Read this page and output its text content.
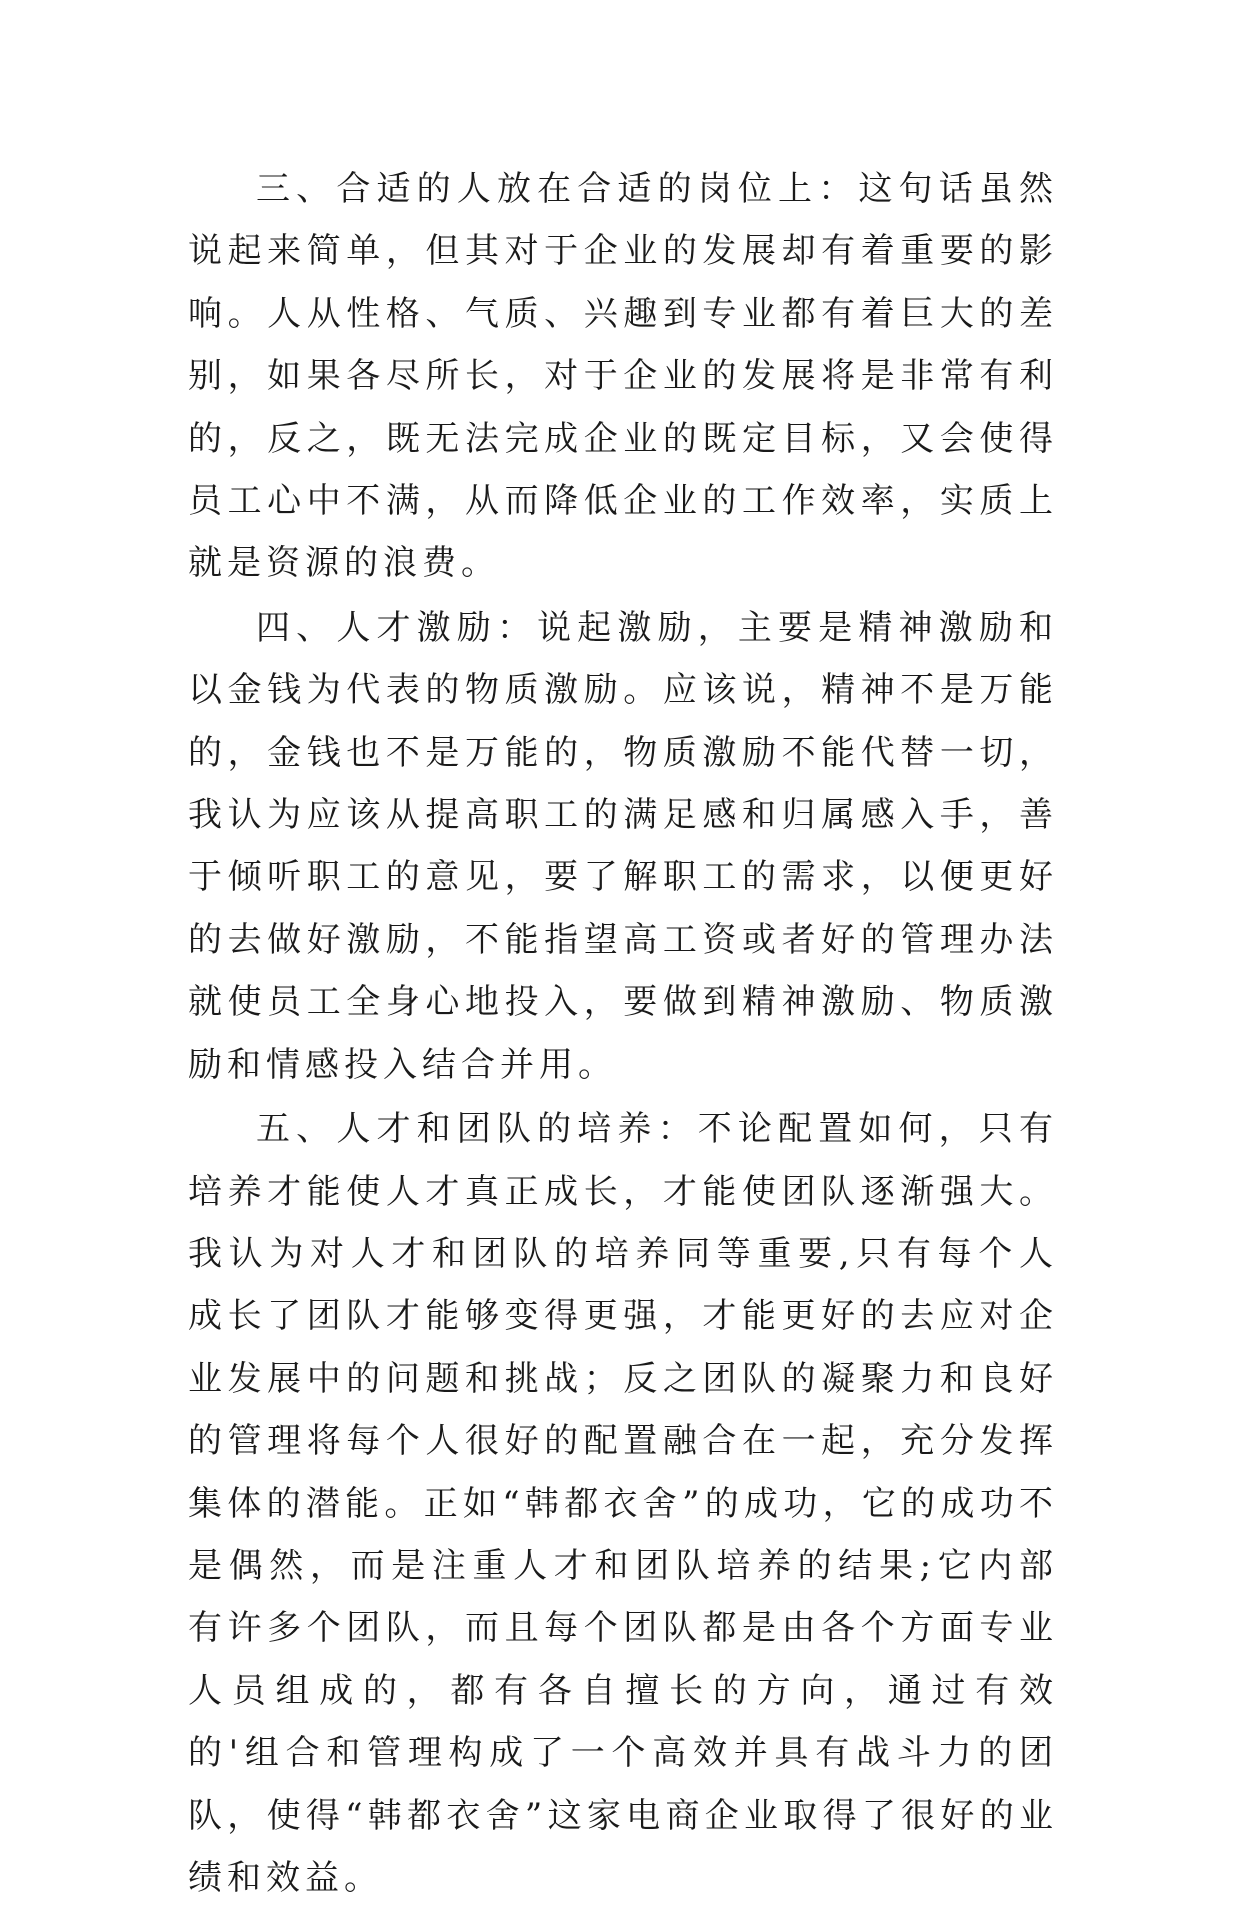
三、合适的人放在合适的岗位上：这句话虽然说起来简单，但其对于企业的发展却有着重要的影响。人从性格、气质、兴趣到专业都有着巨大的差别，如果各尽所长，对于企业的发展将是非常有利的，反之，既无法完成企业的既定目标，又会使得员工心中不满，从而降低企业的工作效率，实质上就是资源的浪费。

四、人才激励：说起激励，主要是精神激励和以金钱为代表的物质激励。应该说，精神不是万能的，金钱也不是万能的，物质激励不能代替一切，我认为应该从提高职工的满足感和归属感入手，善于倾听职工的意见，要了解职工的需求，以便更好的去做好激励，不能指望高工资或者好的管理办法就使员工全身心地投入，要做到精神激励、物质激励和情感投入结合并用。

五、人才和团队的培养：不论配置如何，只有培养才能使人才真正成长，才能使团队逐渐强大。我认为对人才和团队的培养同等重要,只有每个人成长了团队才能够变得更强，才能更好的去应对企业发展中的问题和挑战；反之团队的凝聚力和良好的管理将每个人很好的配置融合在一起，充分发挥集体的潜能。正如“韩都衣舍”的成功，它的成功不是偶然，而是注重人才和团队培养的结果;它内部有许多个团队，而且每个团队都是由各个方面专业人员组成的，都有各自擅长的方向，通过有效的'组合和管理构成了一个高效并具有战斗力的团队，使得“韩都衣舍”这家电商企业取得了很好的业绩和效益。
